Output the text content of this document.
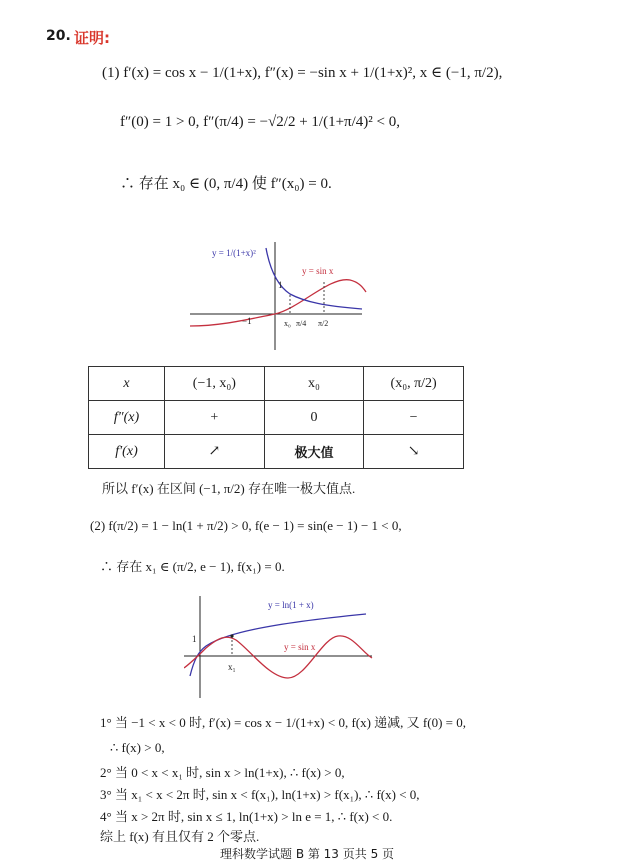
20. 证明:
(1) f′(x) = cos x − 1/(1+x), f″(x) = −sin x + 1/(1+x)², x ∈ (−1, π/2),
f″(0) = 1 > 0, f″(π/4) = −√2/2 + 1/(1+π/4)² < 0,
∴ 存在 x₀ ∈ (0, π/4) 使 f″(x₀) = 0.
y = 1/(1+x)²
y = sin x
−1
1
x₀ π/4 π/2
x	(−1, x₀)	x₀	(x₀, π/2)
f″(x)	+	0	−
f′(x)	↗	极大值	↘
所以 f′(x) 在区间 (−1, π/2) 存在唯一极大值点.
(2) f(π/2) = 1 − ln(1 + π/2) > 0, f(e − 1) = sin(e − 1) − 1 < 0,
∴ 存在 x₁ ∈ (π/2, e − 1), f(x₁) = 0.
y = ln(1 + x)
y = sin x
1
x₁
1° 当 −1 < x < 0 时, f′(x) = cos x − 1/(1+x) < 0, f(x) 递减, 又 f(0) = 0,
∴ f(x) > 0,
2° 当 0 < x < x₁ 时, sin x > ln(1+x), ∴ f(x) > 0,
3° 当 x₁ < x < 2π 时, sin x < f(x₁), ln(1+x) > f(x₁), ∴ f(x) < 0,
4° 当 x > 2π 时, sin x ≤ 1, ln(1+x) > ln e = 1, ∴ f(x) < 0.
综上 f(x) 有且仅有 2 个零点.
理科数学试题 B 第 13 页共 5 页
